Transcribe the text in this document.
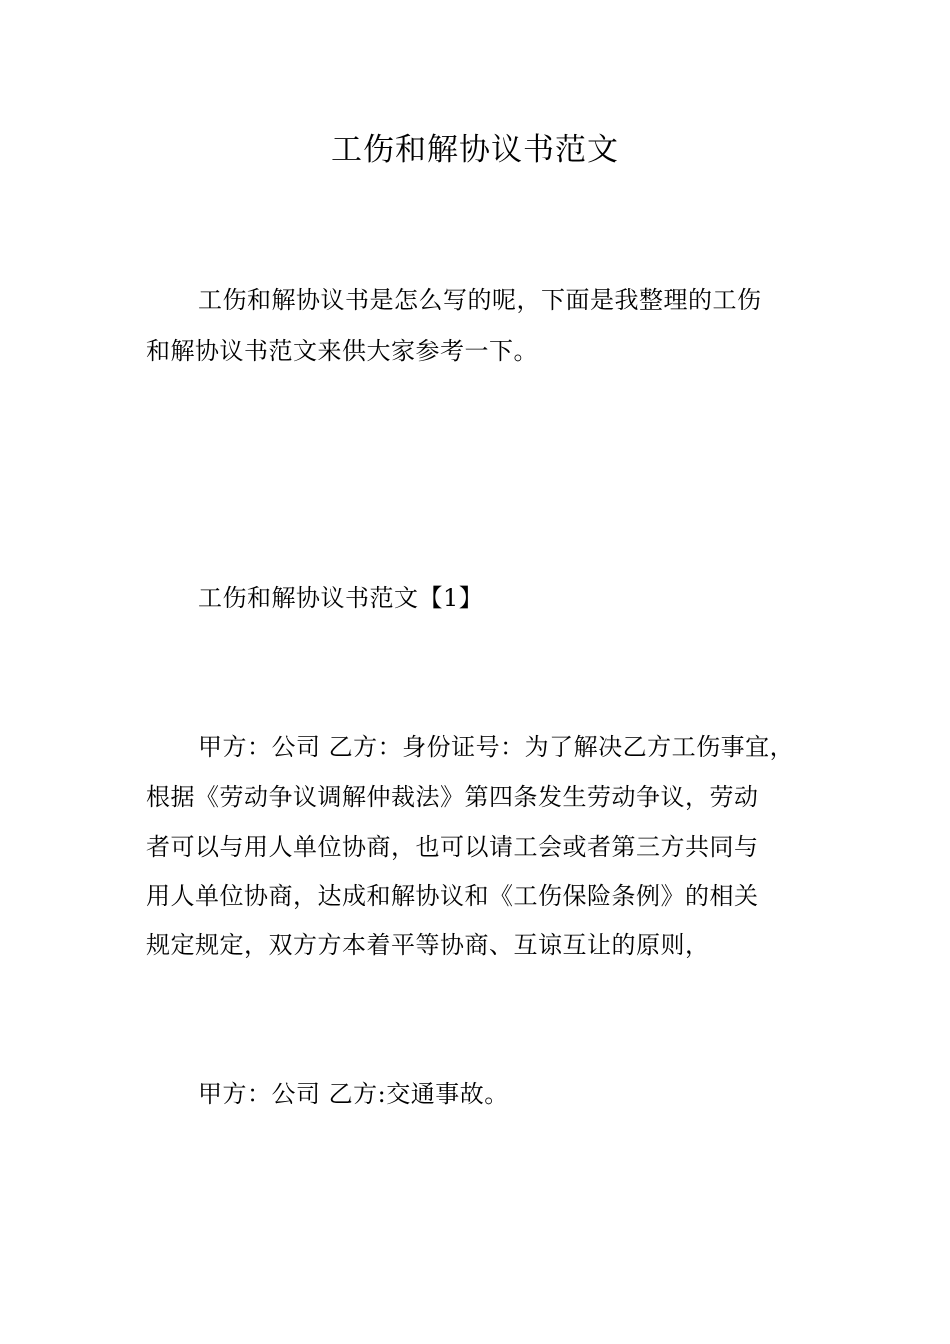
工伤和解协议书范文
工伤和解协议书是怎么写的呢，下面是我整理的工伤
和解协议书范文来供大家参考一下。
工伤和解协议书范文【1】
甲方：公司 乙方：身份证号：为了解决乙方工伤事宜，
根据《劳动争议调解仲裁法》第四条发生劳动争议，劳动
者可以与用人单位协商，也可以请工会或者第三方共同与
用人单位协商，达成和解协议和《工伤保险条例》的相关
规定规定，双方方本着平等协商、互谅互让的原则，
甲方：公司 乙方:交通事故。
